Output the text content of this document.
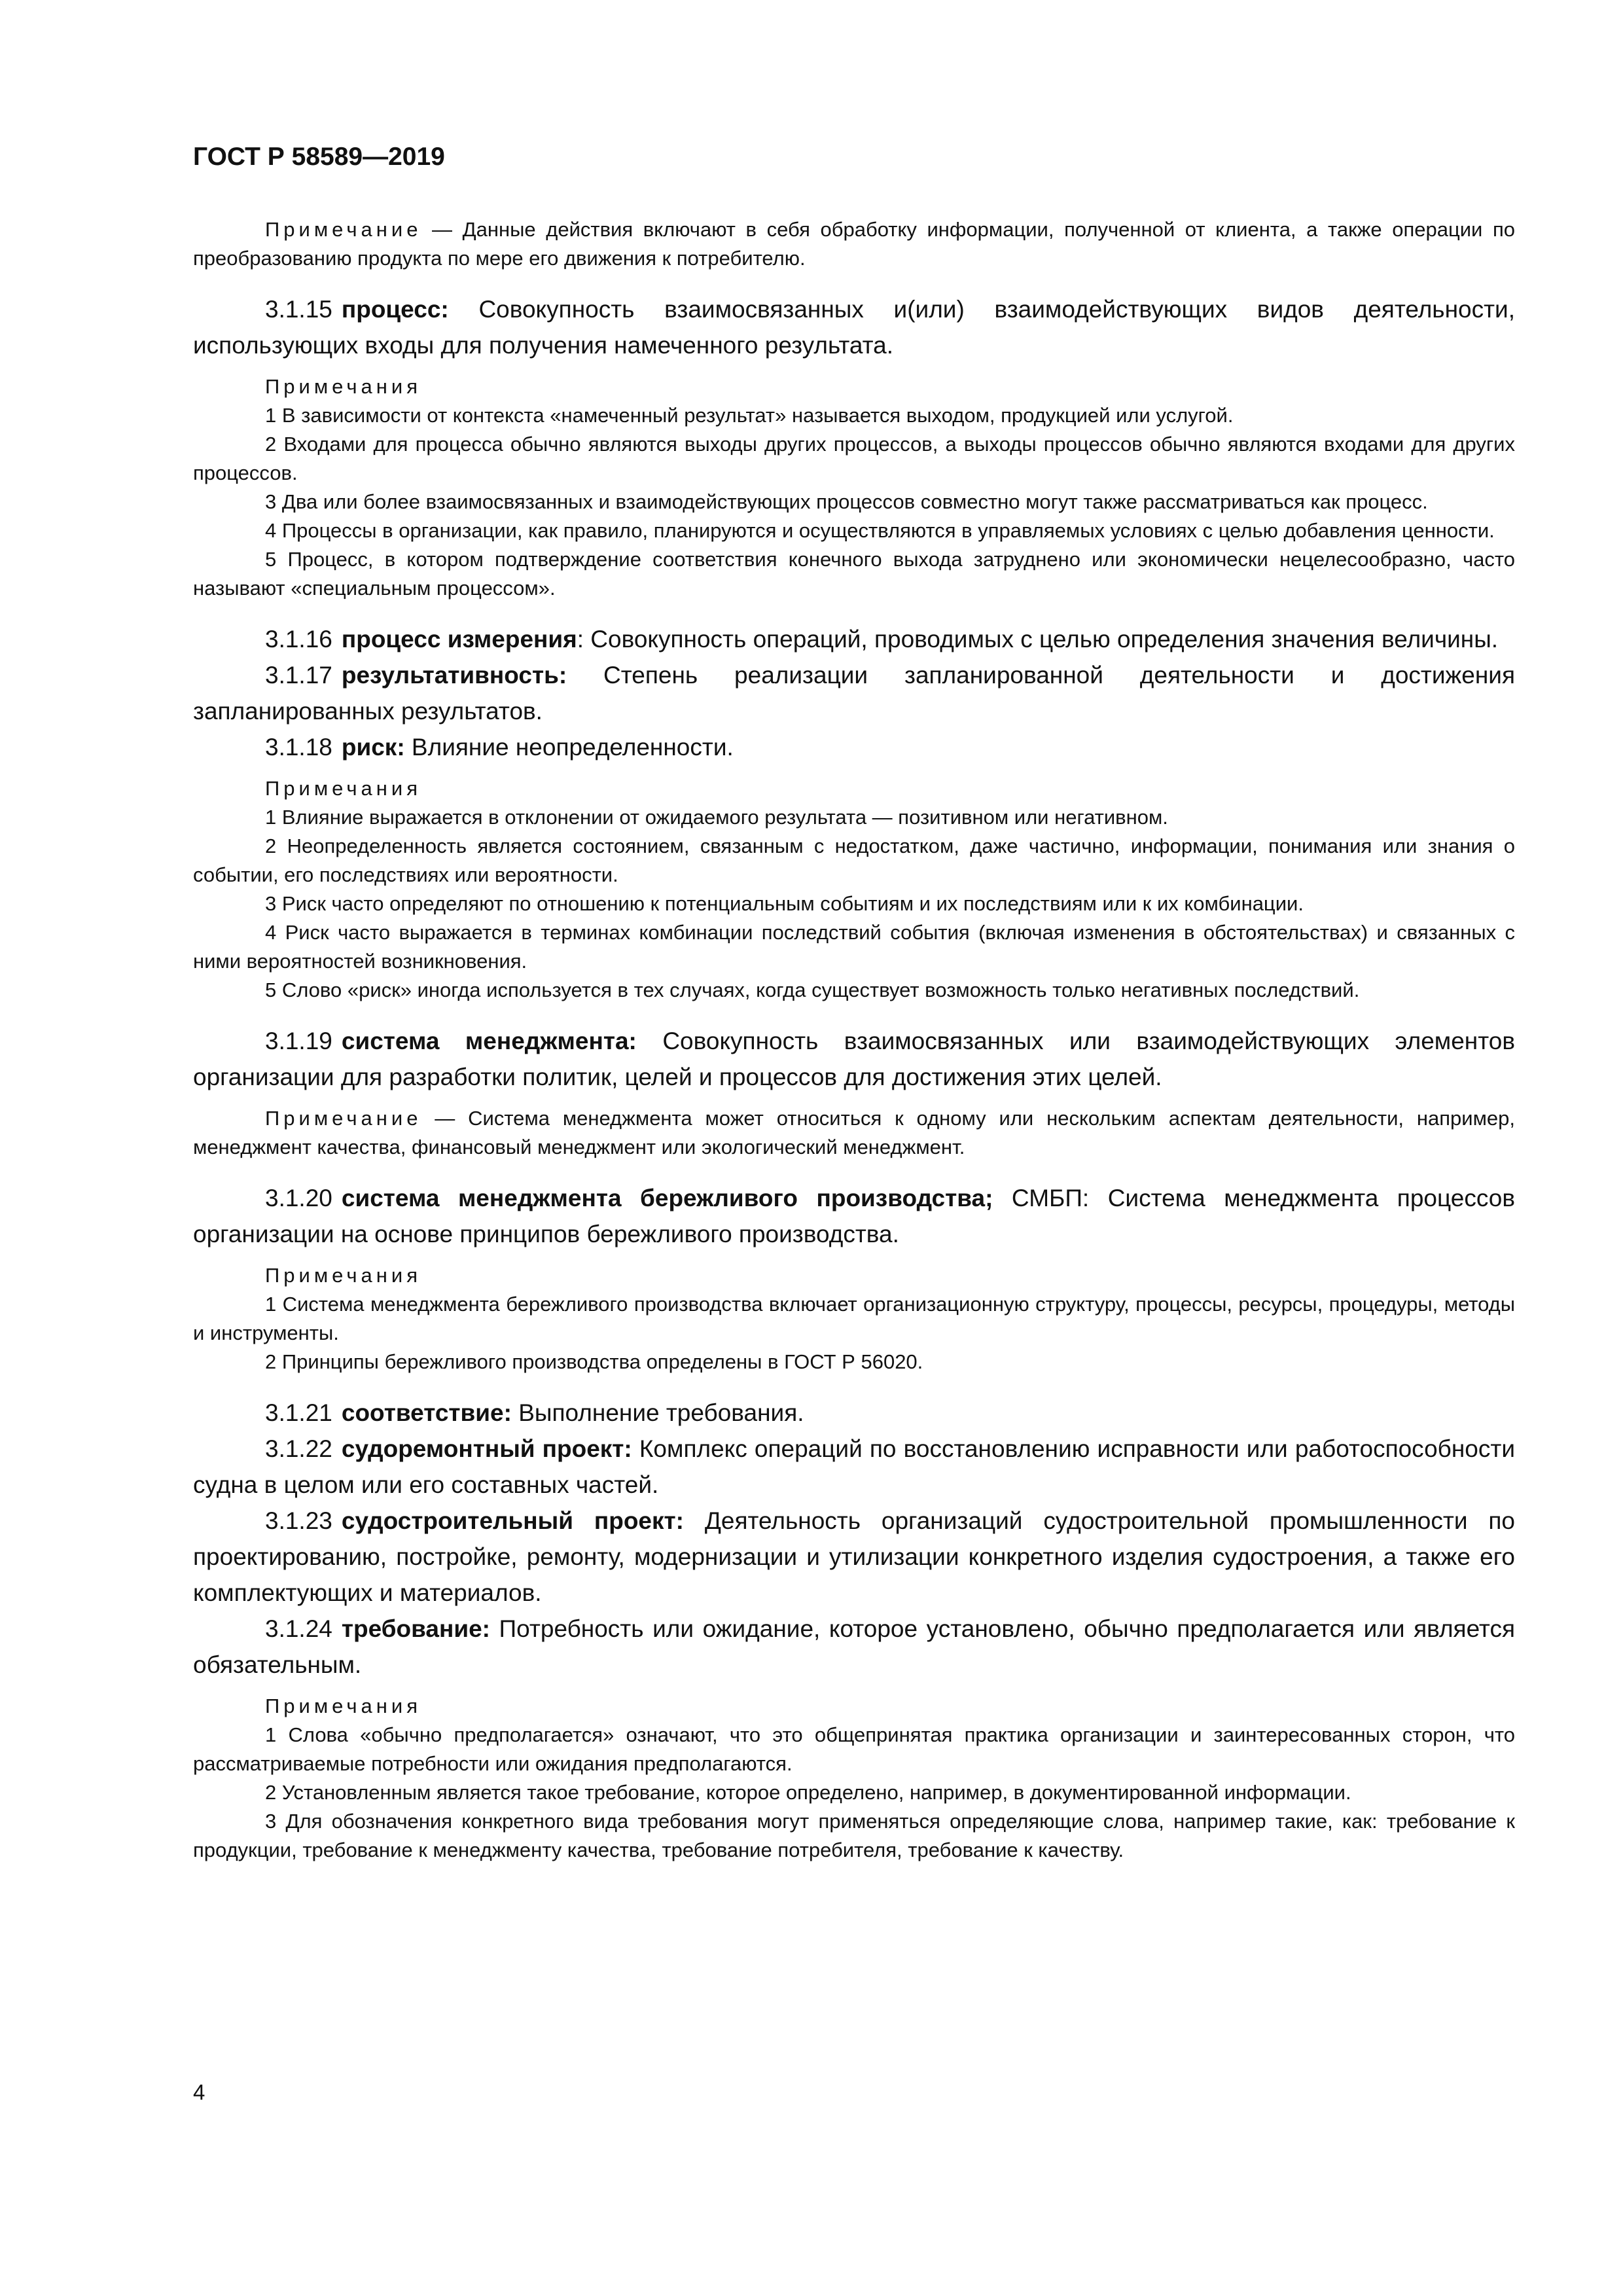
ГОСТ Р 58589—2019

Примечание — Данные действия включают в себя обработку информации, полученной от клиента, а также операции по преобразованию продукта по мере его движения к потребителю.

3.1.15 процесс: Совокупность взаимосвязанных и(или) взаимодействующих видов деятельности, использующих входы для получения намеченного результата.

Примечания

1 В зависимости от контекста «намеченный результат» называется выходом, продукцией или услугой.

2 Входами для процесса обычно являются выходы других процессов, а выходы процессов обычно являются входами для других процессов.

3 Два или более взаимосвязанных и взаимодействующих процессов совместно могут также рассматриваться как процесс.

4 Процессы в организации, как правило, планируются и осуществляются в управляемых условиях с целью добавления ценности.

5 Процесс, в котором подтверждение соответствия конечного выхода затруднено или экономически нецелесообразно, часто называют «специальным процессом».

3.1.16 процесс измерения: Совокупность операций, проводимых с целью определения значения величины.

3.1.17 результативность: Степень реализации запланированной деятельности и достижения запланированных результатов.

3.1.18 риск: Влияние неопределенности.

Примечания

1 Влияние выражается в отклонении от ожидаемого результата — позитивном или негативном.

2 Неопределенность является состоянием, связанным с недостатком, даже частично, информации, понимания или знания о событии, его последствиях или вероятности.

3 Риск часто определяют по отношению к потенциальным событиям и их последствиям или к их комбинации.

4 Риск часто выражается в терминах комбинации последствий события (включая изменения в обстоятельствах) и связанных с ними вероятностей возникновения.

5 Слово «риск» иногда используется в тех случаях, когда существует возможность только негативных последствий.

3.1.19 система менеджмента: Совокупность взаимосвязанных или взаимодействующих элементов организации для разработки политик, целей и процессов для достижения этих целей.

Примечание — Система менеджмента может относиться к одному или нескольким аспектам деятельности, например, менеджмент качества, финансовый менеджмент или экологический менеджмент.

3.1.20 система менеджмента бережливого производства; СМБП: Система менеджмента процессов организации на основе принципов бережливого производства.

Примечания

1 Система менеджмента бережливого производства включает организационную структуру, процессы, ресурсы, процедуры, методы и инструменты.

2 Принципы бережливого производства определены в ГОСТ Р 56020.

3.1.21 соответствие: Выполнение требования.

3.1.22 судоремонтный проект: Комплекс операций по восстановлению исправности или работоспособности судна в целом или его составных частей.

3.1.23 судостроительный проект: Деятельность организаций судостроительной промышленности по проектированию, постройке, ремонту, модернизации и утилизации конкретного изделия судостроения, а также его комплектующих и материалов.

3.1.24 требование: Потребность или ожидание, которое установлено, обычно предполагается или является обязательным.

Примечания

1 Слова «обычно предполагается» означают, что это общепринятая практика организации и заинтересованных сторон, что рассматриваемые потребности или ожидания предполагаются.

2 Установленным является такое требование, которое определено, например, в документированной информации.

3 Для обозначения конкретного вида требования могут применяться определяющие слова, например такие, как: требование к продукции, требование к менеджменту качества, требование потребителя, требование к качеству.

4
